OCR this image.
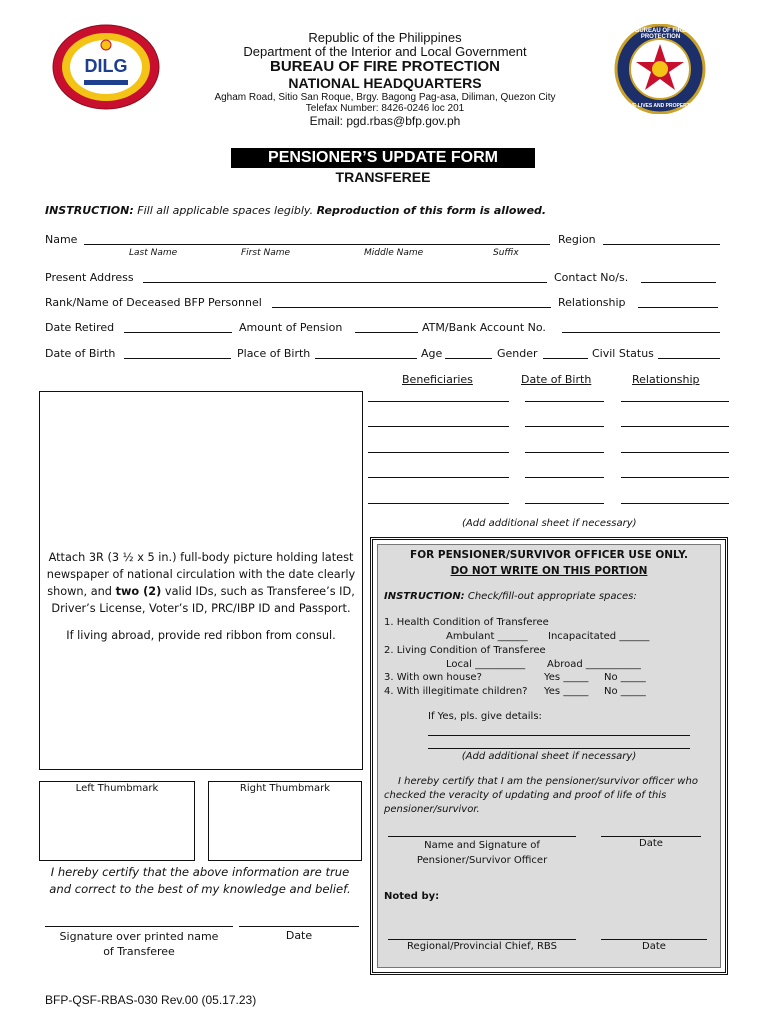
DILG
BUREAU OF FIRE PROTECTION
SAVE LIVES AND PROPERTIES
Republic of the Philippines
Department of the Interior and Local Government
BUREAU OF FIRE PROTECTION
NATIONAL HEADQUARTERS
Agham Road, Sitio San Roque, Brgy. Bagong Pag-asa, Diliman, Quezon City
Telefax Number: 8426-0246 loc 201
Email: pgd.rbas@bfp.gov.ph
PENSIONER’S UPDATE FORM
TRANSFEREE
INSTRUCTION: Fill all applicable spaces legibly. Reproduction of this form is allowed.
Name	Region
Last Name	First Name	Middle Name	Suffix
Present Address	Contact No/s.
Rank/Name of Deceased BFP Personnel	Relationship
Date Retired	Amount of Pension	ATM/Bank Account No.
Date of Birth	Place of Birth	Age	Gender	Civil Status
Beneficiaries	Date of Birth	Relationship
(Add additional sheet if necessary)
Attach 3R (3 ½ x 5 in.) full-body picture holding latest
newspaper of national circulation with the date clearly
shown, and two (2) valid IDs, such as Transferee’s ID,
Driver’s License, Voter’s ID, PRC/IBP ID and Passport.
If living abroad, provide red ribbon from consul.
Left Thumbmark	Right Thumbmark
I hereby certify that the above information are true
and correct to the best of my knowledge and belief.
Signature over printed name
of Transferee
Date
FOR PENSIONER/SURVIVOR OFFICER USE ONLY.
DO NOT WRITE ON THIS PORTION
INSTRUCTION: Check/fill-out appropriate spaces:
1. Health Condition of Transferee
Ambulant ______ Incapacitated ______
2. Living Condition of Transferee
Local __________ Abroad ___________
3. With own house?	Yes _____ No _____
4. With illegitimate children? Yes _____ No _____
If Yes, pls. give details:
(Add additional sheet if necessary)
I hereby certify that I am the pensioner/survivor officer who
checked the veracity of updating and proof of life of this
pensioner/survivor.
Name and Signature of
Pensioner/Survivor Officer
Date
Noted by:
Regional/Provincial Chief, RBS	Date
BFP-QSF-RBAS-030 Rev.00 (05.17.23)
